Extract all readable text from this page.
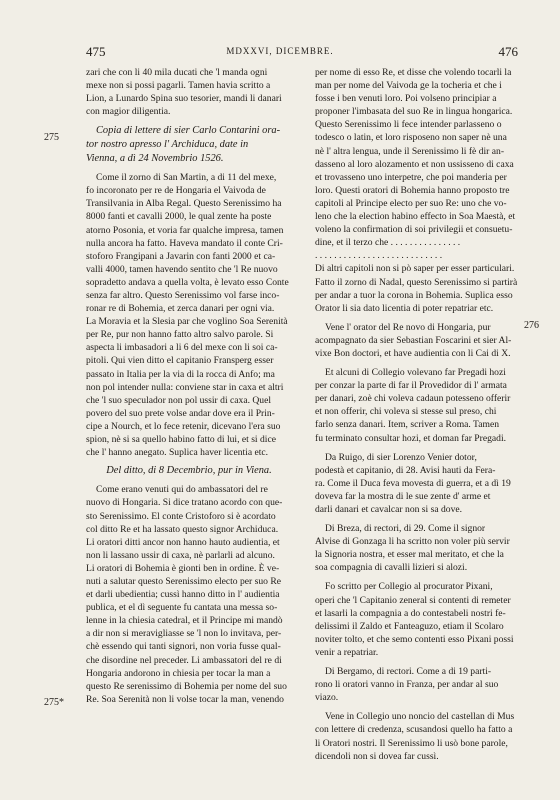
475	MDXXVI, DICEMBRE.	476
275
275*
276
zari che con li 40 mila ducati che 'l manda ogni
mexe non si possi pagarli. Tamen havia scritto a
Lion, a Lunardo Spina suo tesorier, mandi li danari
con magior diligentia.
Copia di lettere di sier Carlo Contarini ora-
tor nostro apresso l' Archiduca, date in
Vienna, a dì 24 Novembrio 1526.
Come il zorno di San Martin, a di 11 del mexe,
fo incoronato per re de Hongaria el Vaivoda de
Transilvania in Alba Regal. Questo Serenissimo ha
8000 fanti et cavalli 2000, le qual zente ha poste
atorno Posonia, et voria far qualche impresa, tamen
nulla ancora ha fatto. Haveva mandato il conte Cri-
stoforo Frangipani a Javarin con fanti 2000 et ca-
valli 4000, tamen havendo sentito che 'l Re nuovo
sopradetto andava a quella volta, è levato esso Conte
senza far altro. Questo Serenissimo vol farse inco-
ronar re di Bohemia, et zerca danari per ogni via.
La Moravia et la Slesia par che voglino Soa Serenità
per Re, pur non hanno fatto altro salvo parole. Si
aspecta li imbasadori a li 6 del mexe con li soi ca-
pitoli. Qui vien ditto el capitanio Fransperg esser
passato in Italia per la via di la rocca di Anfo; ma
non pol intender nulla: conviene star in caxa et altri
che 'l suo speculador non pol ussir di caxa. Quel
povero del suo prete volse andar dove era il Prin-
cipe a Nourch, et lo fece retenir, dicevano l'era suo
spion, nè si sa quello habino fatto di lui, et si dice
che l' hanno anegato. Suplica haver licentia etc.
Del ditto, di 8 Decembrio, pur in Viena.
Come erano venuti qui do ambassatori del re
nuovo di Hongaria. Si dice tratano acordo con que-
sto Serenissimo. El conte Cristoforo si è acordato
col ditto Re et ha lassato questo signor Archiduca.
Li oratori ditti ancor non hanno hauto audientia, et
non li lassano ussir di caxa, nè parlarli ad alcuno.
Li oratori di Bohemia è gionti ben in ordine. È ve-
nuti a salutar questo Serenissimo electo per suo Re
et darli ubedientia; cussì hanno ditto in l' audientia
publica, et el dì seguente fu cantata una messa so-
lenne in la chiesia catedral, et il Principe mi mandò
a dir non si meravigliasse se 'l non lo invitava, per-
chè essendo qui tanti signori, non voria fusse qual-
che disordine nel preceder. Li ambassatori del re di
Hongaria andorono in chiesia per tocar la man a
questo Re serenissimo di Bohemia per nome del suo
Re. Soa Serenità non li volse tocar la man, venendo
per nome di esso Re, et disse che volendo tocarli la
man per nome del Vaivoda ge la tocheria et che i
fosse i ben venuti loro. Poi volseno principiar a
proponer l'imbasata del suo Re in lingua hongarica.
Questo Serenissimo li fece intender parlasseno o
todesco o latin, et loro risposeno non saper nè una
nè l' altra lengua, unde il Serenissimo li fè dir an-
dasseno al loro alozamento et non ussisseno di caxa
et trovasseno uno interpetre, che poi manderia per
loro. Questi oratori di Bohemia hanno proposto tre
capitoli al Principe electo per suo Re: uno che vo-
leno che la election habino effecto in Soa Maestà, et
voleno la confirmation di soi privilegii et consuetu-
dine, et il terzo che . . . . . . . . . . . . . . .
. . . . . . . . . . . . . . . . . . . . . . . . . . .
Di altri capitoli non si pò saper per esser particulari.
Fatto il zorno di Nadal, questo Serenissimo si partirà
per andar a tuor la corona in Bohemia. Suplica esso
Orator li sia dato licentia di poter repatriar etc.
Vene l' orator del Re novo di Hongaria, pur
acompagnato da sier Sebastian Foscarini et sier Al-
vixe Bon doctori, et have audientia con li Cai di X.
Et alcuni di Collegio volevano far Pregadi hozi
per conzar la parte di far il Provedidor di l' armata
per danari, zoè chi voleva cadaun potesseno offerir
et non offerir, chi voleva si stesse sul preso, chi
farlo senza danari. Item, scriver a Roma. Tamen
fu terminato consultar hozi, et doman far Pregadi.
Da Ruigo, di sier Lorenzo Venier dotor,
podestà et capitanio, di 28. Avisi hauti da Fera-
ra. Come il Duca feva movesta di guerra, et a dì 19
doveva far la mostra di le sue zente d' arme et
darli danari et cavalcar non si sa dove.
Di Breza, di rectori, di 29. Come il signor
Alvise di Gonzaga li ha scritto non voler più servir
la Signoria nostra, et esser mal meritato, et che la
soa compagnia di cavalli lizieri si alozi.
Fo scritto per Collegio al procurator Pixani,
operi che 'l Capitanio zeneral si contenti di remeter
et lasarli la compagnia a do contestabeli nostri fe-
delissimi il Zaldo et Fanteaguzo, etiam il Scolaro
noviter tolto, et che semo contenti esso Pixani possi
venir a repatriar.
Di Bergamo, di rectori. Come a di 19 parti-
rono li oratori vanno in Franza, per andar al suo
viazo.
Vene in Collegio uno noncio del castellan di Mus
con lettere di credenza, scusandosi quello ha fatto a
li Oratori nostri. Il Serenissimo li usò bone parole,
dicendoli non si dovea far cussì.
